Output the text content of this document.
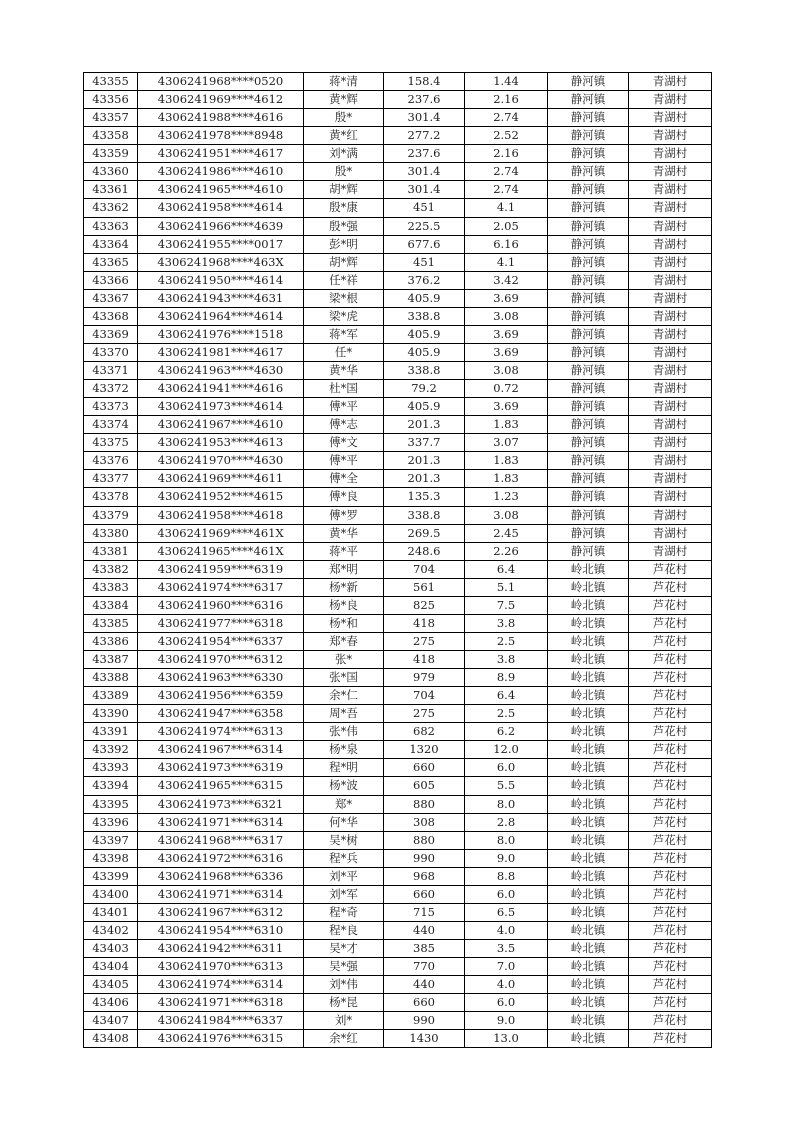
43355	4306241968****0520	蒋*清	158.4	1.44	静河镇	青湖村
43356	4306241969****4612	黄*辉	237.6	2.16	静河镇	青湖村
43357	4306241988****4616	殷*	301.4	2.74	静河镇	青湖村
43358	4306241978****8948	黄*红	277.2	2.52	静河镇	青湖村
43359	4306241951****4617	刘*满	237.6	2.16	静河镇	青湖村
43360	4306241986****4610	殷*	301.4	2.74	静河镇	青湖村
43361	4306241965****4610	胡*辉	301.4	2.74	静河镇	青湖村
43362	4306241958****4614	殷*康	451	4.1	静河镇	青湖村
43363	4306241966****4639	殷*强	225.5	2.05	静河镇	青湖村
43364	4306241955****0017	彭*明	677.6	6.16	静河镇	青湖村
43365	4306241968****463X	胡*辉	451	4.1	静河镇	青湖村
43366	4306241950****4614	任*祥	376.2	3.42	静河镇	青湖村
43367	4306241943****4631	梁*根	405.9	3.69	静河镇	青湖村
43368	4306241964****4614	梁*虎	338.8	3.08	静河镇	青湖村
43369	4306241976****1518	蒋*军	405.9	3.69	静河镇	青湖村
43370	4306241981****4617	任*	405.9	3.69	静河镇	青湖村
43371	4306241963****4630	黄*华	338.8	3.08	静河镇	青湖村
43372	4306241941****4616	杜*国	79.2	0.72	静河镇	青湖村
43373	4306241973****4614	傅*平	405.9	3.69	静河镇	青湖村
43374	4306241967****4610	傅*志	201.3	1.83	静河镇	青湖村
43375	4306241953****4613	傅*文	337.7	3.07	静河镇	青湖村
43376	4306241970****4630	傅*平	201.3	1.83	静河镇	青湖村
43377	4306241969****4611	傅*全	201.3	1.83	静河镇	青湖村
43378	4306241952****4615	傅*良	135.3	1.23	静河镇	青湖村
43379	4306241958****4618	傅*罗	338.8	3.08	静河镇	青湖村
43380	4306241969****461X	黄*华	269.5	2.45	静河镇	青湖村
43381	4306241965****461X	蒋*平	248.6	2.26	静河镇	青湖村
43382	4306241959****6319	郑*明	704	6.4	岭北镇	芦花村
43383	4306241974****6317	杨*新	561	5.1	岭北镇	芦花村
43384	4306241960****6316	杨*良	825	7.5	岭北镇	芦花村
43385	4306241977****6318	杨*和	418	3.8	岭北镇	芦花村
43386	4306241954****6337	郑*春	275	2.5	岭北镇	芦花村
43387	4306241970****6312	张*	418	3.8	岭北镇	芦花村
43388	4306241963****6330	张*国	979	8.9	岭北镇	芦花村
43389	4306241956****6359	余*仁	704	6.4	岭北镇	芦花村
43390	4306241947****6358	周*吾	275	2.5	岭北镇	芦花村
43391	4306241974****6313	张*伟	682	6.2	岭北镇	芦花村
43392	4306241967****6314	杨*泉	1320	12.0	岭北镇	芦花村
43393	4306241973****6319	程*明	660	6.0	岭北镇	芦花村
43394	4306241965****6315	杨*波	605	5.5	岭北镇	芦花村
43395	4306241973****6321	郑*	880	8.0	岭北镇	芦花村
43396	4306241971****6314	何*华	308	2.8	岭北镇	芦花村
43397	4306241968****6317	吴*树	880	8.0	岭北镇	芦花村
43398	4306241972****6316	程*兵	990	9.0	岭北镇	芦花村
43399	4306241968****6336	刘*平	968	8.8	岭北镇	芦花村
43400	4306241971****6314	刘*军	660	6.0	岭北镇	芦花村
43401	4306241967****6312	程*奇	715	6.5	岭北镇	芦花村
43402	4306241954****6310	程*良	440	4.0	岭北镇	芦花村
43403	4306241942****6311	吴*才	385	3.5	岭北镇	芦花村
43404	4306241970****6313	吴*强	770	7.0	岭北镇	芦花村
43405	4306241974****6314	刘*伟	440	4.0	岭北镇	芦花村
43406	4306241971****6318	杨*昆	660	6.0	岭北镇	芦花村
43407	4306241984****6337	刘*	990	9.0	岭北镇	芦花村
43408	4306241976****6315	余*红	1430	13.0	岭北镇	芦花村
